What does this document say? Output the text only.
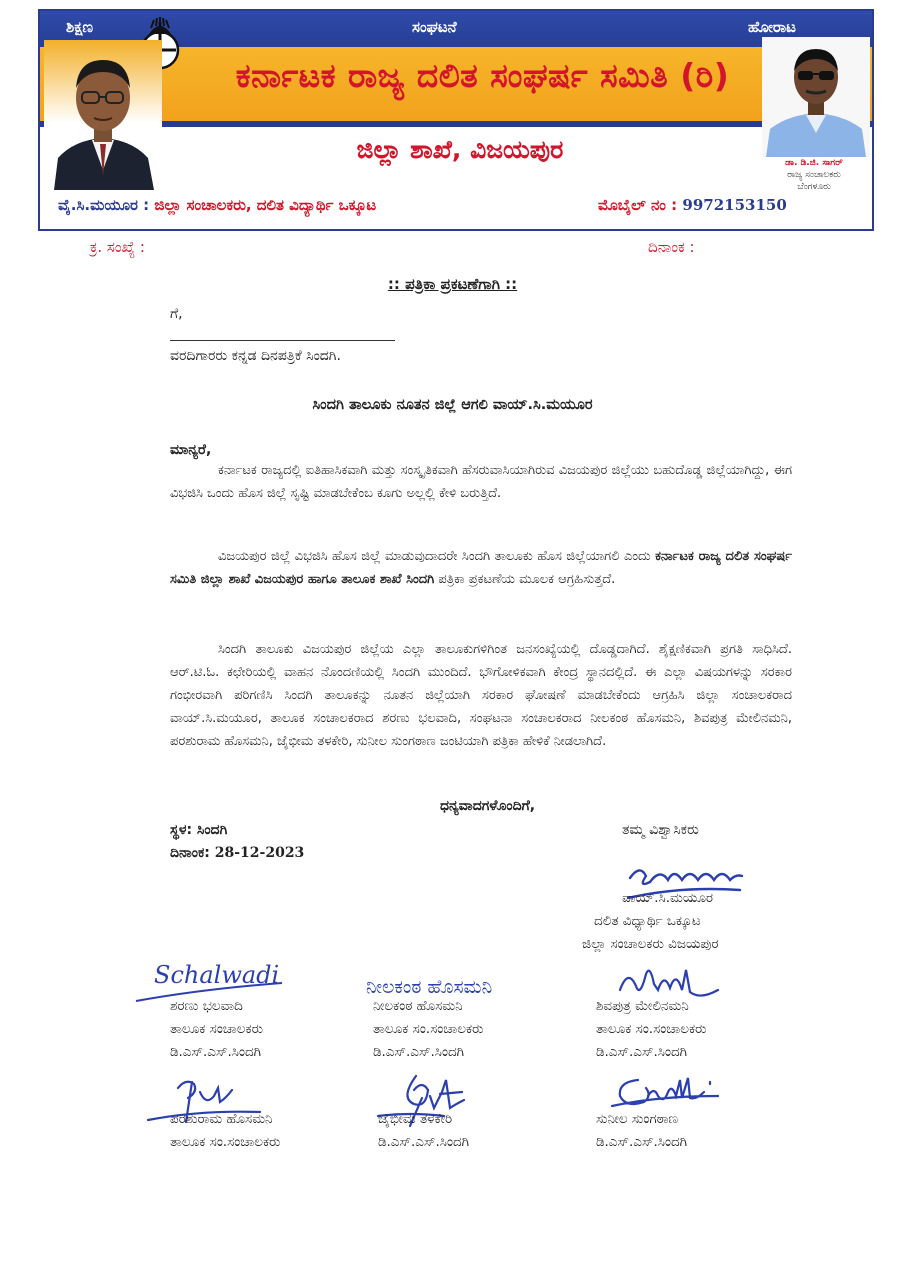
ಶಿಕ್ಷಣ	ಸಂಘಟನೆ	ಹೋರಾಟ
ಕರ್ನಾಟಕ ರಾಜ್ಯ ದಲಿತ ಸಂಘರ್ಷ ಸಮಿತಿ (ರಿ)
ಜಿಲ್ಲಾ ಶಾಖೆ, ವಿಜಯಪುರ	ಡಾ. ಡಿ.ಜಿ. ಸಾಗರ್
ರಾಜ್ಯ ಸಂಚಾಲಕರು
ಬೆಂಗಳೂರು
ವೈ.ಸಿ.ಮಯೂರ : ಜಿಲ್ಲಾ ಸಂಚಾಲಕರು, ದಲಿತ ವಿದ್ಯಾರ್ಥಿ ಒಕ್ಕೂಟ	ಮೊಬೈಲ್ ನಂ : 9972153150
ಕ್ರ. ಸಂಖ್ಯೆ :	ದಿನಾಂಕ :
:: ಪತ್ರಿಕಾ ಪ್ರಕಟಣೆಗಾಗಿ ::
ಗೆ,
ವರದಿಗಾರರು ಕನ್ನಡ ದಿನಪತ್ರಿಕೆ ಸಿಂದಗಿ.
ಸಿಂದಗಿ ತಾಲೂಕು ನೂತನ ಜಿಲ್ಲೆ ಆಗಲಿ ವಾಯ್.ಸಿ.ಮಯೂರ
ಮಾನ್ಯರೆ,
ಕರ್ನಾಟಕ ರಾಜ್ಯದಲ್ಲಿ ಐತಿಹಾಸಿಕವಾಗಿ ಮತ್ತು ಸಂಸ್ಕೃತಿಕವಾಗಿ ಹೆಸರುವಾಸಿಯಾಗಿರುವ ವಿಜಯಪುರ ಜಿಲ್ಲೆಯು ಬಹುದೊಡ್ಡ ಜಿಲ್ಲೆಯಾಗಿದ್ದು, ಈಗ ವಿಭಜಿಸಿ ಒಂದು ಹೊಸ ಜಿಲ್ಲೆ ಸೃಷ್ಟಿ ಮಾಡಬೇಕೆಂಬ ಕೂಗು ಅಲ್ಲಲ್ಲಿ ಕೇಳಿ ಬರುತ್ತಿದೆ.
ವಿಜಯಪುರ ಜಿಲ್ಲೆ ವಿಭಜಿಸಿ ಹೊಸ ಜಿಲ್ಲೆ ಮಾಡುವುದಾದರೇ ಸಿಂದಗಿ ತಾಲೂಕು ಹೊಸ ಜಿಲ್ಲೆಯಾಗಲಿ ಎಂದು ಕರ್ನಾಟಕ ರಾಜ್ಯ ದಲಿತ ಸಂಘರ್ಷ ಸಮಿತಿ ಜಿಲ್ಲಾ ಶಾಖೆ ವಿಜಯಪುರ ಹಾಗೂ ತಾಲೂಕ ಶಾಖೆ ಸಿಂದಗಿ ಪತ್ರಿಕಾ ಪ್ರಕಟಣೆಯ ಮೂಲಕ ಆಗ್ರಹಿಸುತ್ತದೆ.
ಸಿಂದಗಿ ತಾಲೂಕು ವಿಜಯಪುರ ಜಿಲ್ಲೆಯ ಎಲ್ಲಾ ತಾಲೂಕುಗಳಿಗಿಂತ ಜನಸಂಖ್ಯೆಯಲ್ಲಿ ದೊಡ್ಡದಾಗಿದೆ. ಶೈಕ್ಷಣಿಕವಾಗಿ ಪ್ರಗತಿ ಸಾಧಿಸಿದೆ. ಆರ್.ಟಿ.ಓ. ಕಛೇರಿಯಲ್ಲಿ ವಾಹನ ನೊಂದಣಿಯಲ್ಲಿ ಸಿಂದಗಿ ಮುಂದಿದೆ. ಭೌಗೋಳಿಕವಾಗಿ ಕೇಂದ್ರ ಸ್ಥಾನದಲ್ಲಿದೆ. ಈ ಎಲ್ಲಾ ವಿಷಯಗಳನ್ನು ಸರಕಾರ ಗಂಭೀರವಾಗಿ ಪರಿಗಣಿಸಿ ಸಿಂದಗಿ ತಾಲೂಕನ್ನು ನೂತನ ಜಿಲ್ಲೆಯಾಗಿ ಸರಕಾರ ಘೋಷಣೆ ಮಾಡಬೇಕೆಂದು ಆಗ್ರಹಿಸಿ ಜಿಲ್ಲಾ ಸಂಚಾಲಕರಾದ ವಾಯ್.ಸಿ.ಮಯೂರ, ತಾಲೂಕ ಸಂಚಾಲಕರಾದ ಶರಣು ಭಲವಾದಿ, ಸಂಘಟನಾ ಸಂಚಾಲಕರಾದ ನೀಲಕಂಠ ಹೊಸಮನಿ, ಶಿವಪುತ್ರ ಮೇಲಿನಮನಿ, ಪರಶುರಾಮ ಹೊಸಮನಿ, ಜೈಭೀಮ ತಳಕೇರಿ, ಸುನೀಲ ಸುಂಗಠಾಣ ಜಂಟಿಯಾಗಿ ಪತ್ರಿಕಾ ಹೇಳಿಕೆ ನೀಡಲಾಗಿದೆ.
ಧನ್ಯವಾದಗಳೊಂದಿಗೆ,
ಸ್ಥಳ: ಸಿಂದಗಿ
ದಿನಾಂಕ: 28-12-2023
ತಮ್ಮ ವಿಶ್ವಾಸಿಕರು
ವಾಯ್.ಸಿ.ಮಯೂರ
ದಲಿತ ವಿಧ್ಯಾರ್ಥಿ ಒಕ್ಕೂಟ
ಜಿಲ್ಲಾ ಸಂಚಾಲಕರು ವಿಜಯಪುರ
Schalwadi
ಶರಣು ಭಲವಾದಿ
ತಾಲೂಕ ಸಂಚಾಲಕರು
ಡಿ.ಎಸ್.ಎಸ್.ಸಿಂದಗಿ
ನೀಲಕಂಠ ಹೊಸಮನಿ
ನೀಲಕಂಠ ಹೊಸಮನಿ
ತಾಲೂಕ ಸಂ.ಸಂಚಾಲಕರು
ಡಿ.ಎಸ್.ಎಸ್.ಸಿಂದಗಿ
ಶಿವಪುತ್ರ ಮೇಲಿನಮನಿ
ತಾಲೂಕ ಸಂ.ಸಂಚಾಲಕರು
ಡಿ.ಎಸ್.ಎಸ್.ಸಿಂದಗಿ
ಪರಶುರಾಮ ಹೊಸಮನಿ
ತಾಲೂಕ ಸಂ.ಸಂಚಾಲಕರು
ಜೈಭೀಮ ತಳಕೇರಿ
ಡಿ.ಎಸ್.ಎಸ್.ಸಿಂದಗಿ
ಸುನೀಲ ಸುಂಗಠಾಣ
ಡಿ.ಎಸ್.ಎಸ್.ಸಿಂದಗಿ
